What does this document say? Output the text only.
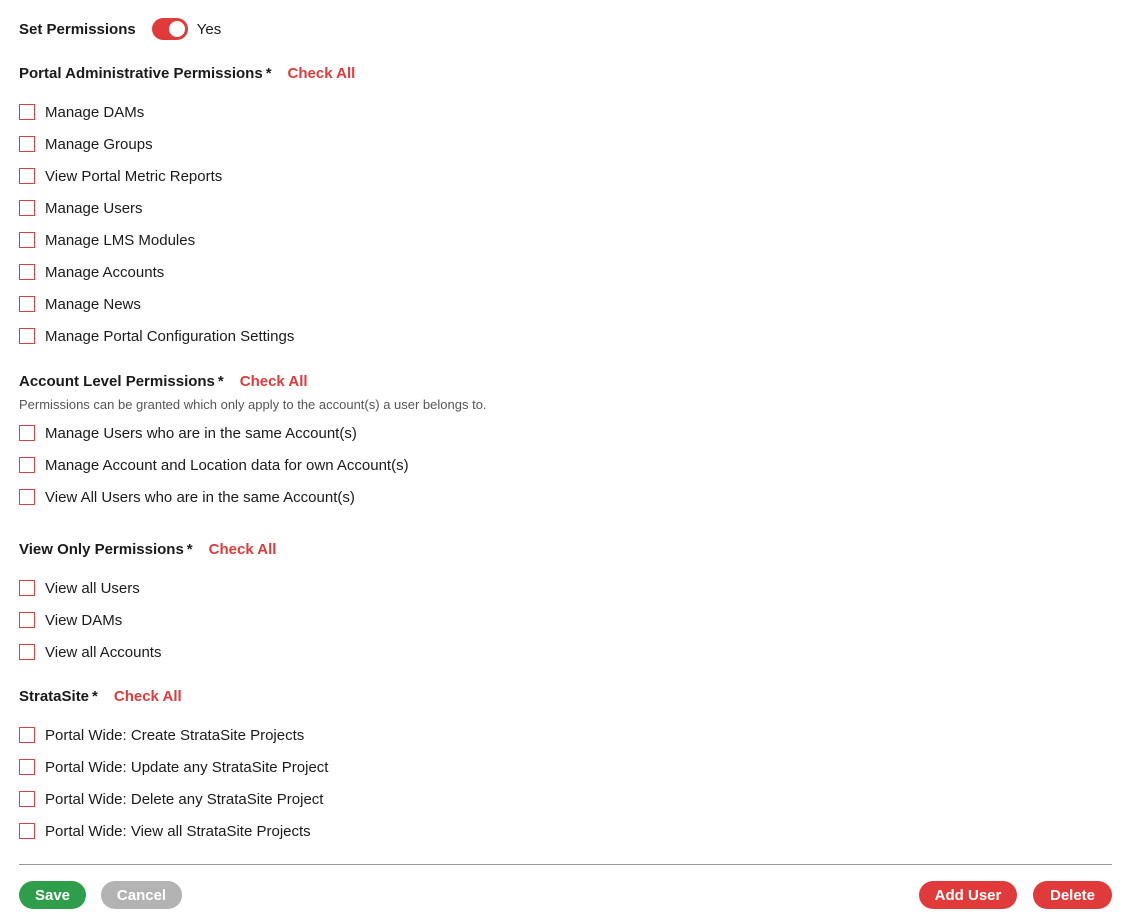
Set Permissions	Yes
Portal Administrative Permissions * Check All
Manage DAMs
Manage Groups
View Portal Metric Reports
Manage Users
Manage LMS Modules
Manage Accounts
Manage News
Manage Portal Configuration Settings
Account Level Permissions * Check All
Permissions can be granted which only apply to the account(s) a user belongs to.
Manage Users who are in the same Account(s)
Manage Account and Location data for own Account(s)
View All Users who are in the same Account(s)
View Only Permissions * Check All
View all Users
View DAMs
View all Accounts
StrataSite * Check All
Portal Wide: Create StrataSite Projects
Portal Wide: Update any StrataSite Project
Portal Wide: Delete any StrataSite Project
Portal Wide: View all StrataSite Projects
Save	Cancel	Add User	Delete
